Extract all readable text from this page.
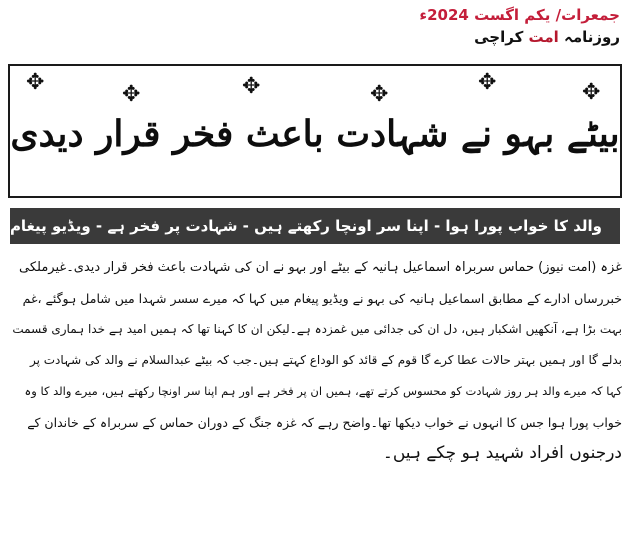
جمعرات/ یکم اگست 2024ء
روزنامہ امت کراچی
✥	✥	✥	✥	✥	✥
بیٹے بہو نے شہادت باعث فخر قرار دیدی
والد کا خواب پورا ہوا - اپنا سر اونچا رکھتے ہیں - شہادت پر فخر ہے - ویڈیو پیغام
غزہ (امت نیوز) حماس سربراہ اسماعیل ہانیہ کے بیٹے اور بہو نے ان کی شہادت باعث فخر قرار دیدی۔غیرملکی
خبررساں ادارے کے مطابق اسماعیل ہانیہ کی بہو نے ویڈیو پیغام میں کہا کہ میرے سسر شہدا میں شامل ہوگئے ،غم
بہت بڑا ہے، آنکھیں اشکبار ہیں، دل ان کی جدائی میں غمزدہ ہے۔لیکن ان کا کہنا تھا کہ ہمیں امید ہے خدا ہماری قسمت
بدلے گا اور ہمیں بہتر حالات عطا کرے گا قوم کے قائد کو الوداع کہتے ہیں۔جب کہ بیٹے عبدالسلام نے والد کی شہادت پر
کہا کہ میرے والد ہر روز شہادت کو محسوس کرتے تھے، ہمیں ان پر فخر ہے اور ہم اپنا سر اونچا رکھتے ہیں، میرے والد کا وہ
خواب پورا ہوا جس کا انہوں نے خواب دیکھا تھا۔واضح رہے کہ غزہ جنگ کے دوران حماس کے سربراہ کے خاندان کے
درجنوں افراد شہید ہو چکے ہیں۔
